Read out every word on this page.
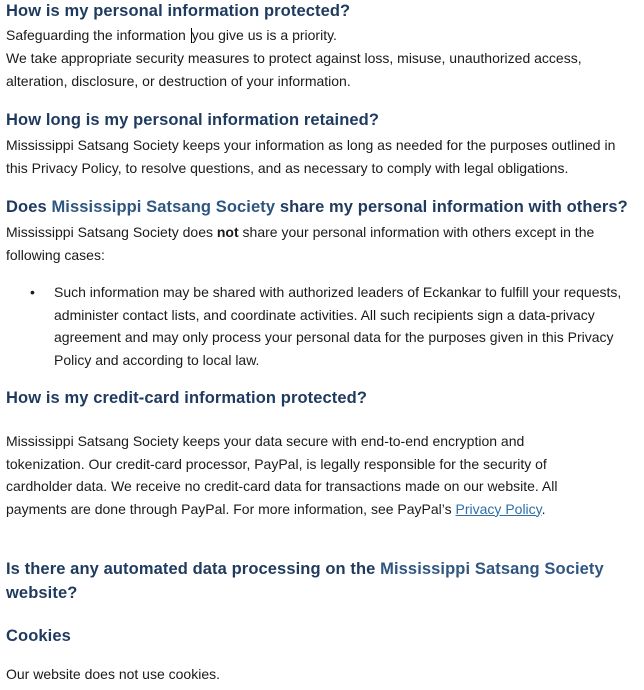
How is my personal information protected?

Safeguarding the information you give us is a priority.

We take appropriate security measures to protect against loss, misuse, unauthorized access, alteration, disclosure, or destruction of your information.

How long is my personal information retained?

Mississippi Satsang Society keeps your information as long as needed for the purposes outlined in this Privacy Policy, to resolve questions, and as necessary to comply with legal obligations.

Does Mississippi Satsang Society share my personal information with others?

Mississippi Satsang Society does not share your personal information with others except in the following cases:

• Such information may be shared with authorized leaders of Eckankar to fulfill your requests, administer contact lists, and coordinate activities. All such recipients sign a data-privacy agreement and may only process your personal data for the purposes given in this Privacy Policy and according to local law.

How is my credit-card information protected?

Mississippi Satsang Society keeps your data secure with end-to-end encryption and tokenization. Our credit-card processor, PayPal, is legally responsible for the security of cardholder data. We receive no credit-card data for transactions made on our website. All payments are done through PayPal. For more information, see PayPal’s Privacy Policy.

Is there any automated data processing on the Mississippi Satsang Society
website?
Cookies

Our website does not use cookies.
